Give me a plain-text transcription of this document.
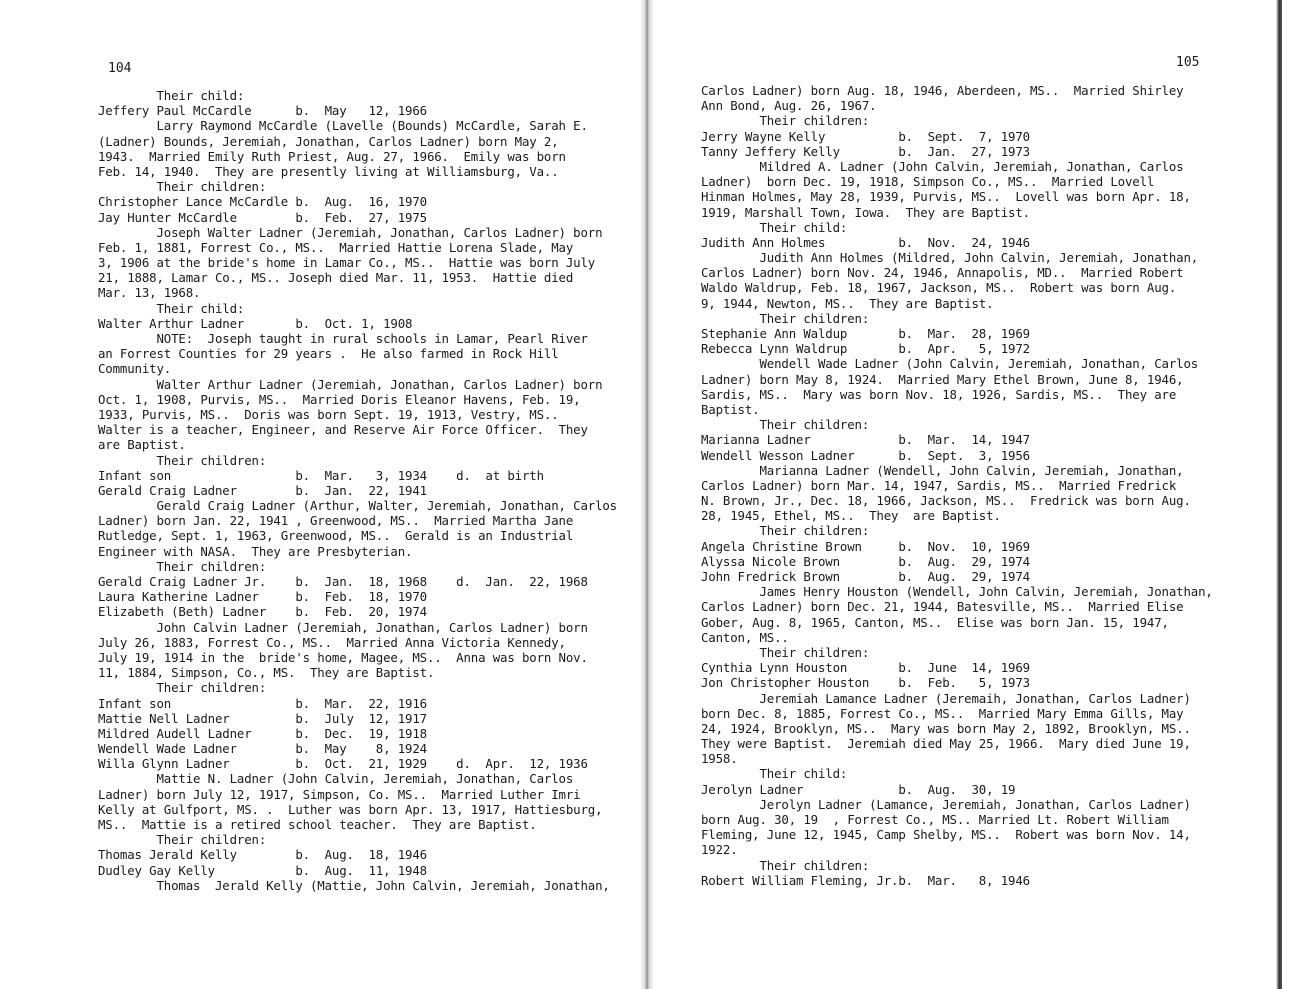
104
Their child:
Jeffery Paul McCardle      b.  May   12, 1966
Larry Raymond McCardle (Lavelle (Bounds) McCardle, Sarah E.
(Ladner) Bounds, Jeremiah, Jonathan, Carlos Ladner) born May 2,
1943.  Married Emily Ruth Priest, Aug. 27, 1966.  Emily was born
Feb. 14, 1940.  They are presently living at Williamsburg, Va..
Their children:
Christopher Lance McCardle b.  Aug.  16, 1970
Jay Hunter McCardle        b.  Feb.  27, 1975
Joseph Walter Ladner (Jeremiah, Jonathan, Carlos Ladner) born
Feb. 1, 1881, Forrest Co., MS..  Married Hattie Lorena Slade, May
3, 1906 at the bride's home in Lamar Co., MS..  Hattie was born July
21, 1888, Lamar Co., MS.. Joseph died Mar. 11, 1953.  Hattie died
Mar. 13, 1968.
Their child:
Walter Arthur Ladner       b.  Oct. 1, 1908
NOTE:  Joseph taught in rural schools in Lamar, Pearl River
an Forrest Counties for 29 years .  He also farmed in Rock Hill
Community.
Walter Arthur Ladner (Jeremiah, Jonathan, Carlos Ladner) born
Oct. 1, 1908, Purvis, MS..  Married Doris Eleanor Havens, Feb. 19,
1933, Purvis, MS..  Doris was born Sept. 19, 1913, Vestry, MS..
Walter is a teacher, Engineer, and Reserve Air Force Officer.  They
are Baptist.
Their children:
Infant son                 b.  Mar.   3, 1934    d.  at birth
Gerald Craig Ladner        b.  Jan.  22, 1941
Gerald Craig Ladner (Arthur, Walter, Jeremiah, Jonathan, Carlos
Ladner) born Jan. 22, 1941 , Greenwood, MS..  Married Martha Jane
Rutledge, Sept. 1, 1963, Greenwood, MS..  Gerald is an Industrial
Engineer with NASA.  They are Presbyterian.
Their children:
Gerald Craig Ladner Jr.    b.  Jan.  18, 1968    d.  Jan.  22, 1968
Laura Katherine Ladner     b.  Feb.  18, 1970
Elizabeth (Beth) Ladner    b.  Feb.  20, 1974
John Calvin Ladner (Jeremiah, Jonathan, Carlos Ladner) born
July 26, 1883, Forrest Co., MS..  Married Anna Victoria Kennedy,
July 19, 1914 in the  bride's home, Magee, MS..  Anna was born Nov.
11, 1884, Simpson, Co., MS.  They are Baptist.
Their children:
Infant son                 b.  Mar.  22, 1916
Mattie Nell Ladner         b.  July  12, 1917
Mildred Audell Ladner      b.  Dec.  19, 1918
Wendell Wade Ladner        b.  May    8, 1924
Willa Glynn Ladner         b.  Oct.  21, 1929    d.  Apr.  12, 1936
Mattie N. Ladner (John Calvin, Jeremiah, Jonathan, Carlos
Ladner) born July 12, 1917, Simpson, Co. MS..  Married Luther Imri
Kelly at Gulfport, MS. .  Luther was born Apr. 13, 1917, Hattiesburg,
MS..  Mattie is a retired school teacher.  They are Baptist.
Their children:
Thomas Jerald Kelly        b.  Aug.  18, 1946
Dudley Gay Kelly           b.  Aug.  11, 1948
Thomas  Jerald Kelly (Mattie, John Calvin, Jeremiah, Jonathan,
105
Carlos Ladner) born Aug. 18, 1946, Aberdeen, MS..  Married Shirley
Ann Bond, Aug. 26, 1967.
Their children:
Jerry Wayne Kelly          b.  Sept.  7, 1970
Tanny Jeffery Kelly        b.  Jan.  27, 1973
Mildred A. Ladner (John Calvin, Jeremiah, Jonathan, Carlos
Ladner)  born Dec. 19, 1918, Simpson Co., MS..  Married Lovell
Hinman Holmes, May 28, 1939, Purvis, MS..  Lovell was born Apr. 18,
1919, Marshall Town, Iowa.  They are Baptist.
Their child:
Judith Ann Holmes          b.  Nov.  24, 1946
Judith Ann Holmes (Mildred, John Calvin, Jeremiah, Jonathan,
Carlos Ladner) born Nov. 24, 1946, Annapolis, MD..  Married Robert
Waldo Waldrup, Feb. 18, 1967, Jackson, MS..  Robert was born Aug.
9, 1944, Newton, MS..  They are Baptist.
Their children:
Stephanie Ann Waldup       b.  Mar.  28, 1969
Rebecca Lynn Waldrup       b.  Apr.   5, 1972
Wendell Wade Ladner (John Calvin, Jeremiah, Jonathan, Carlos
Ladner) born May 8, 1924.  Married Mary Ethel Brown, June 8, 1946,
Sardis, MS..  Mary was born Nov. 18, 1926, Sardis, MS..  They are
Baptist.
Their children:
Marianna Ladner            b.  Mar.  14, 1947
Wendell Wesson Ladner      b.  Sept.  3, 1956
Marianna Ladner (Wendell, John Calvin, Jeremiah, Jonathan,
Carlos Ladner) born Mar. 14, 1947, Sardis, MS..  Married Fredrick
N. Brown, Jr., Dec. 18, 1966, Jackson, MS..  Fredrick was born Aug.
28, 1945, Ethel, MS..  They  are Baptist.
Their children:
Angela Christine Brown     b.  Nov.  10, 1969
Alyssa Nicole Brown        b.  Aug.  29, 1974
John Fredrick Brown        b.  Aug.  29, 1974
James Henry Houston (Wendell, John Calvin, Jeremiah, Jonathan,
Carlos Ladner) born Dec. 21, 1944, Batesville, MS..  Married Elise
Gober, Aug. 8, 1965, Canton, MS..  Elise was born Jan. 15, 1947,
Canton, MS..
Their children:
Cynthia Lynn Houston       b.  June  14, 1969
Jon Christopher Houston    b.  Feb.   5, 1973
Jeremiah Lamance Ladner (Jeremaih, Jonathan, Carlos Ladner)
born Dec. 8, 1885, Forrest Co., MS..  Married Mary Emma Gills, May
24, 1924, Brooklyn, MS..  Mary was born May 2, 1892, Brooklyn, MS..
They were Baptist.  Jeremiah died May 25, 1966.  Mary died June 19,
1958.
Their child:
Jerolyn Ladner             b.  Aug.  30, 19
Jerolyn Ladner (Lamance, Jeremiah, Jonathan, Carlos Ladner)
born Aug. 30, 19  , Forrest Co., MS.. Married Lt. Robert William
Fleming, June 12, 1945, Camp Shelby, MS..  Robert was born Nov. 14,
1922.
Their children:
Robert William Fleming, Jr.b.  Mar.   8, 1946
